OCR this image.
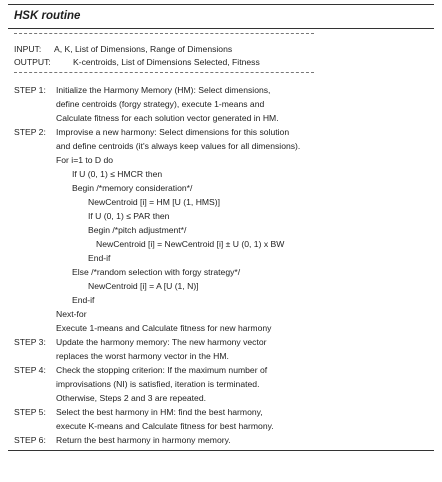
HSK routine
INPUT: A, K, List of Dimensions, Range of Dimensions
OUTPUT:	K-centroids, List of Dimensions Selected, Fitness
STEP 1: Initialize the Harmony Memory (HM): Select dimensions,
define centroids (forgy strategy), execute 1-means and
Calculate fitness for each solution vector generated in HM.
STEP 2: Improvise a new harmony: Select dimensions for this solution
and define centroids (it's always keep values for all dimensions).
For i=1 to D do
If U (0, 1) ≤ HMCR then
Begin /*memory consideration*/
NewCentroid [i] = HM [U (1, HMS)]
If U (0, 1) ≤ PAR then
Begin /*pitch adjustment*/
NewCentroid [i] = NewCentroid [i] ± U (0, 1) x BW
End-if
Else /*random selection with forgy strategy*/
NewCentroid [i] = A [U (1, N)]
End-if
Next-for
Execute 1-means and Calculate fitness for new harmony
STEP 3: Update the harmony memory: The new harmony vector
replaces the worst harmony vector in the HM.
STEP 4: Check the stopping criterion: If the maximum number of
improvisations (NI) is satisfied, iteration is terminated.
Otherwise, Steps 2 and 3 are repeated.
STEP 5: Select the best harmony in HM: find the best harmony,
execute K-means and Calculate fitness for best harmony.
STEP 6: Return the best harmony in harmony memory.
